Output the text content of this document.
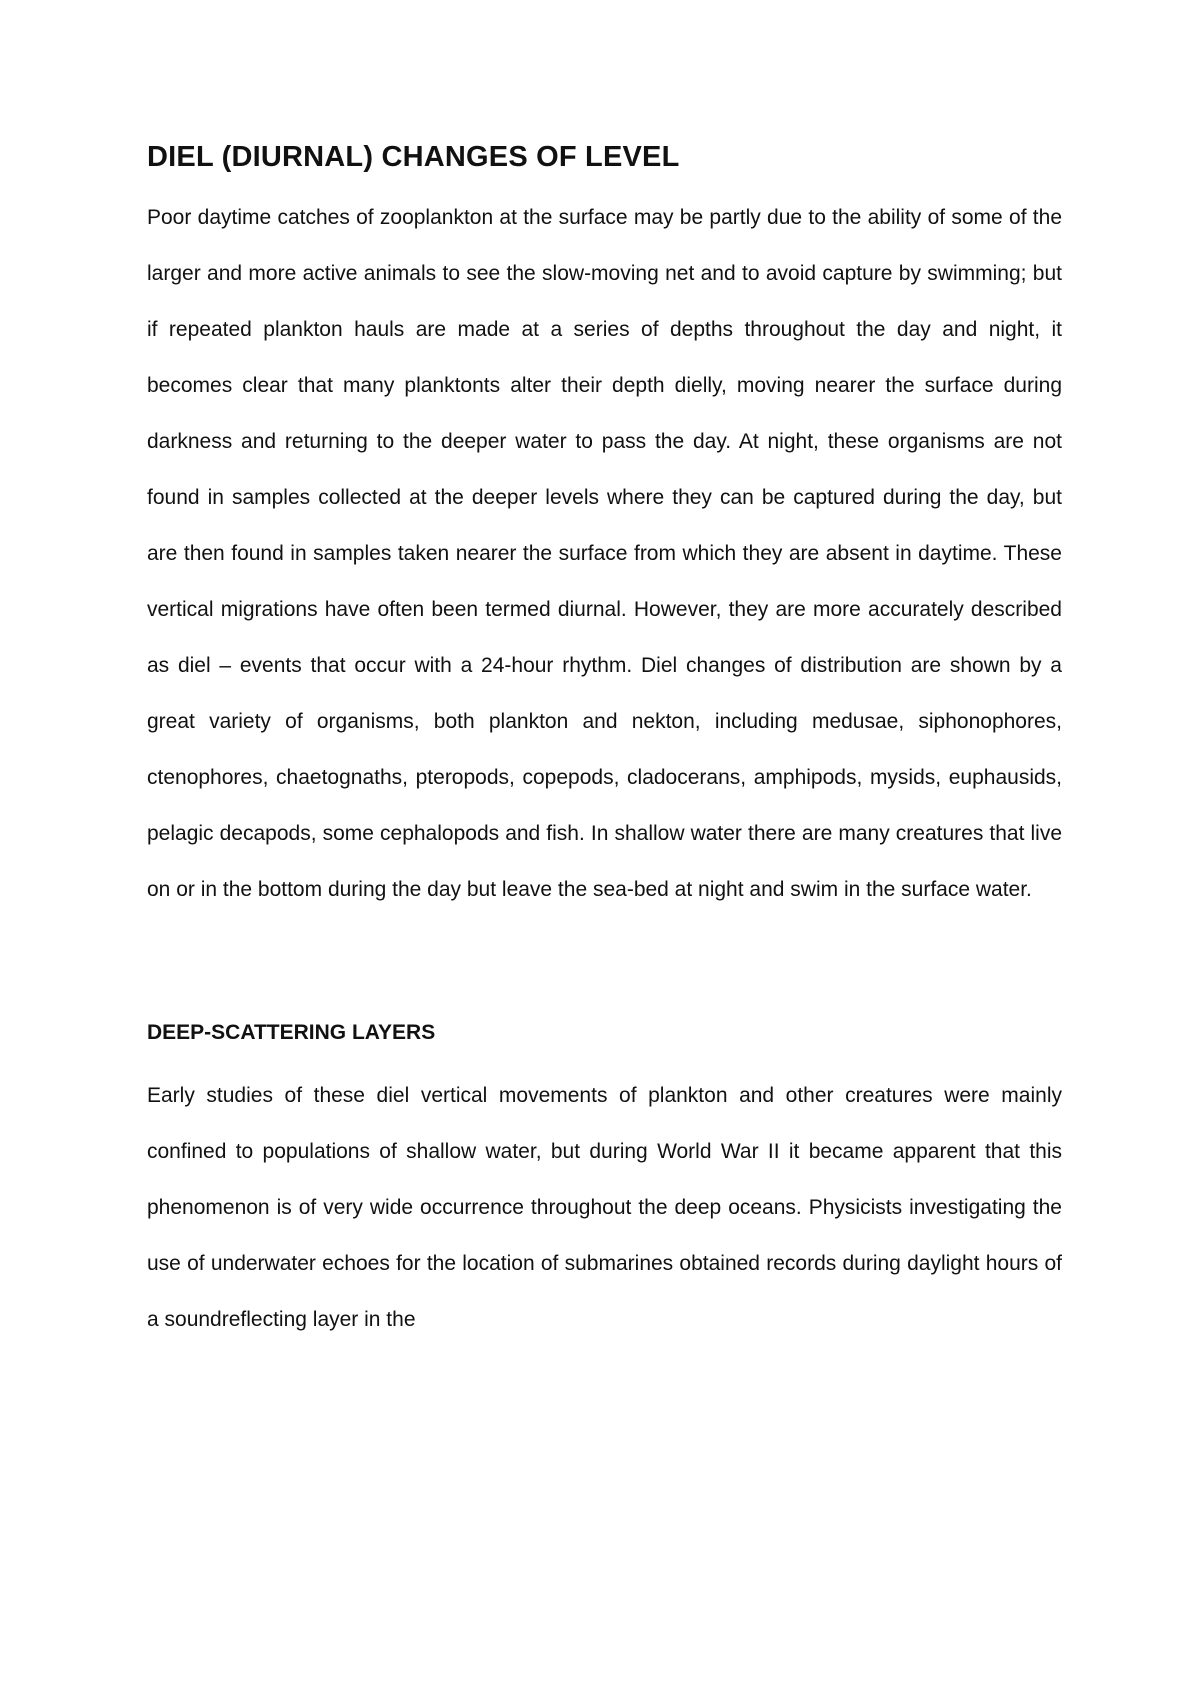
DIEL (DIURNAL) CHANGES OF LEVEL

Poor daytime catches of zooplankton at the surface may be partly due to the ability of some of the larger and more active animals to see the slow-moving net and to avoid capture by swimming; but if repeated plankton hauls are made at a series of depths throughout the day and night, it becomes clear that many planktonts alter their depth dielly, moving nearer the surface during darkness and returning to the deeper water to pass the day. At night, these organisms are not found in samples collected at the deeper levels where they can be captured during the day, but are then found in samples taken nearer the surface from which they are absent in daytime. These vertical migrations have often been termed diurnal. However, they are more accurately described as diel – events that occur with a 24-hour rhythm. Diel changes of distribution are shown by a great variety of organisms, both plankton and nekton, including medusae, siphonophores, ctenophores, chaetognaths, pteropods, copepods, cladocerans, amphipods, mysids, euphausids, pelagic decapods, some cephalopods and fish. In shallow water there are many creatures that live on or in the bottom during the day but leave the sea-bed at night and swim in the surface water.

DEEP-SCATTERING LAYERS

Early studies of these diel vertical movements of plankton and other creatures were mainly confined to populations of shallow water, but during World War II it became apparent that this phenomenon is of very wide occurrence throughout the deep oceans. Physicists investigating the use of underwater echoes for the location of submarines obtained records during daylight hours of a soundreflecting layer in the
